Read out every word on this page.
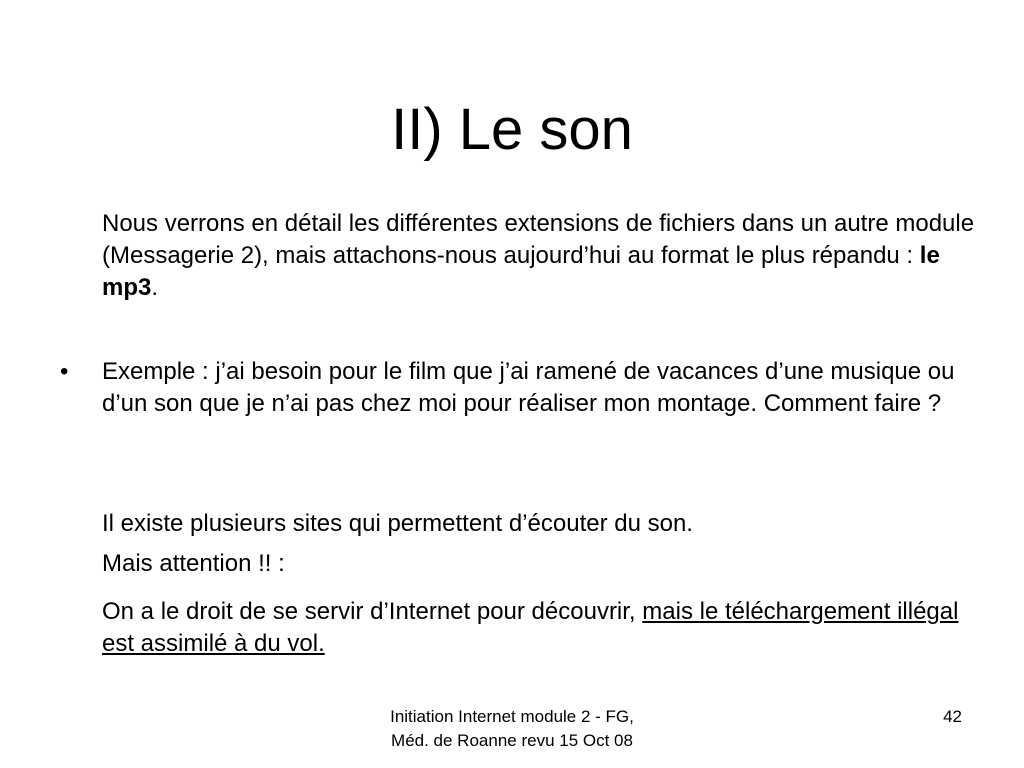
II) Le son

Nous verrons en détail les différentes extensions de fichiers dans un autre module (Messagerie 2), mais attachons-nous aujourd’hui au format le plus répandu : le mp3.

• Exemple : j’ai besoin pour le film que j’ai ramené de vacances d’une musique ou d’un son que je n’ai pas chez moi pour réaliser mon montage. Comment faire ?

Il existe plusieurs sites qui permettent d’écouter du son.

Mais attention !! :

On a le droit de se servir d’Internet pour découvrir, mais le téléchargement illégal est assimilé à du vol.

Initiation Internet module 2 - FG,
Méd. de Roanne revu 15 Oct 08
42
